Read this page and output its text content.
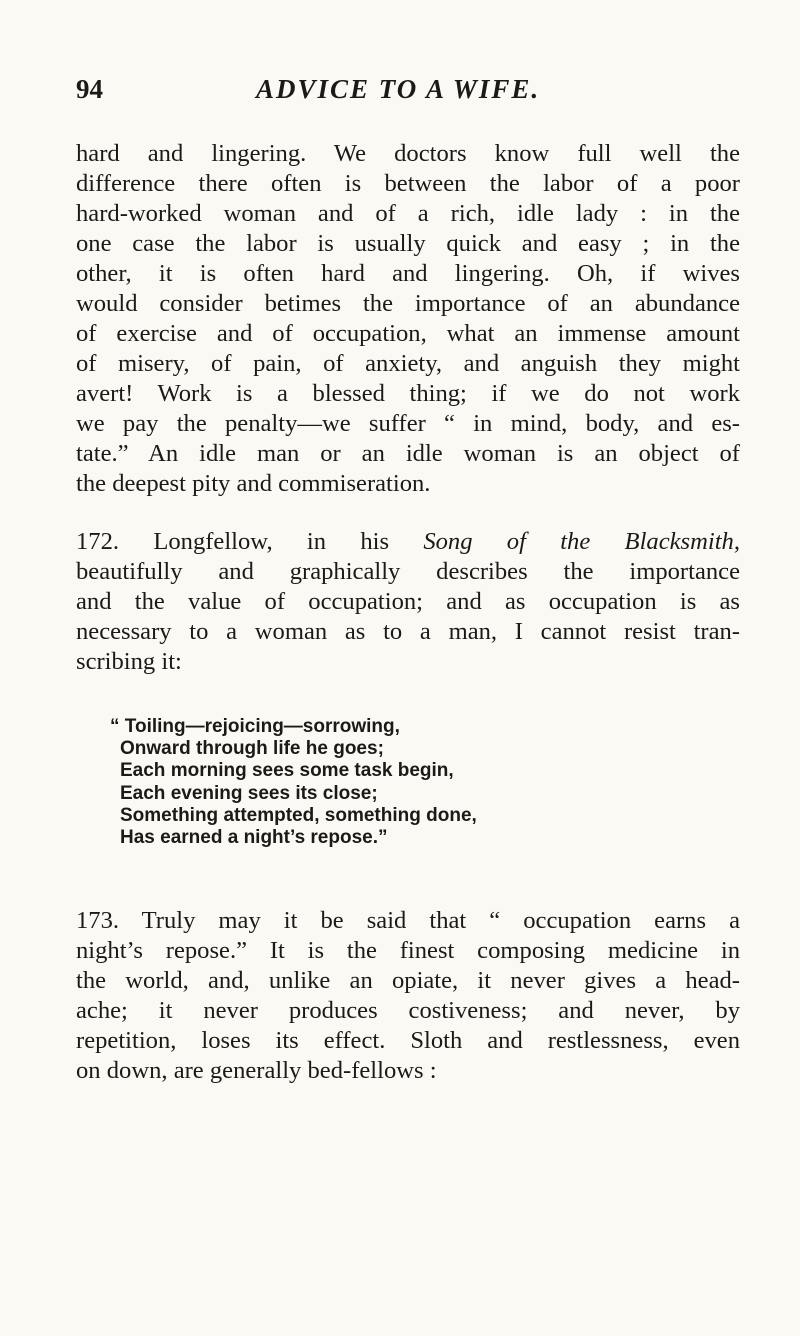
94	ADVICE TO A WIFE.
hard and lingering. We doctors know full well the
difference there often is between the labor of a poor
hard-worked woman and of a rich, idle lady : in the
one case the labor is usually quick and easy ; in the
other, it is often hard and lingering. Oh, if wives
would consider betimes the importance of an abundance
of exercise and of occupation, what an immense amount
of misery, of pain, of anxiety, and anguish they might
avert! Work is a blessed thing; if we do not work
we pay the penalty—we suffer “ in mind, body, and es-
tate.” An idle man or an idle woman is an object of
the deepest pity and commiseration.
172. Longfellow, in his Song of the Blacksmith,
beautifully and graphically describes the importance
and the value of occupation; and as occupation is as
necessary to a woman as to a man, I cannot resist tran-
scribing it:
“ Toiling—rejoicing—sorrowing,
Onward through life he goes;
Each morning sees some task begin,
Each evening sees its close;
Something attempted, something done,
Has earned a night’s repose.”
173. Truly may it be said that “ occupation earns a
night’s repose.” It is the finest composing medicine in
the world, and, unlike an opiate, it never gives a head-
ache; it never produces costiveness; and never, by
repetition, loses its effect. Sloth and restlessness, even
on down, are generally bed-fellows :
